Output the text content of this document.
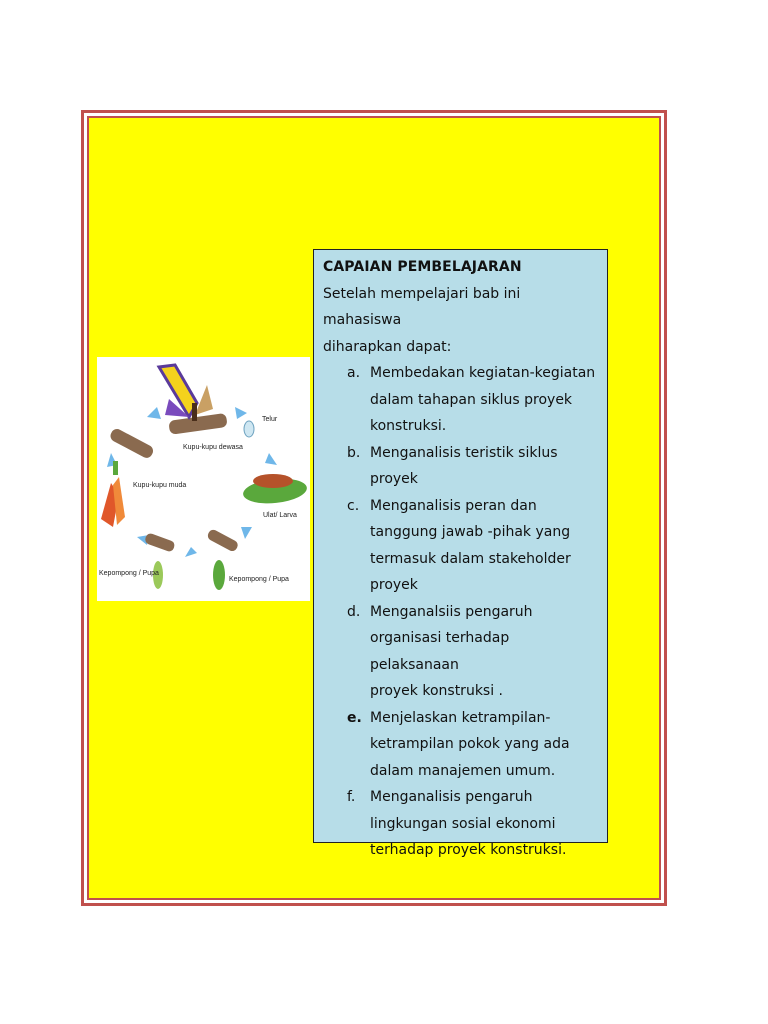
Telur
Kupu-kupu dewasa
Ulat/ Larva
Kupu-kupu muda
Kepompong / Pupa
Kepompong / Pupa
CAPAIAN PEMBELAJARAN
Setelah mempelajari bab ini mahasiswa
diharapkan dapat:
a. Membedakan kegiatan-kegiatan
dalam tahapan siklus proyek
konstruksi.
b. Menganalisis teristik siklus
proyek
c. Menganalisis peran dan
tanggung jawab -pihak yang
termasuk dalam stakeholder
proyek
d. Menganalsiis pengaruh
organisasi terhadap pelaksanaan
proyek konstruksi .
e. Menjelaskan ketrampilan-
ketrampilan pokok yang ada
dalam manajemen umum.
f. Menganalisis pengaruh
lingkungan sosial ekonomi
terhadap proyek konstruksi.
